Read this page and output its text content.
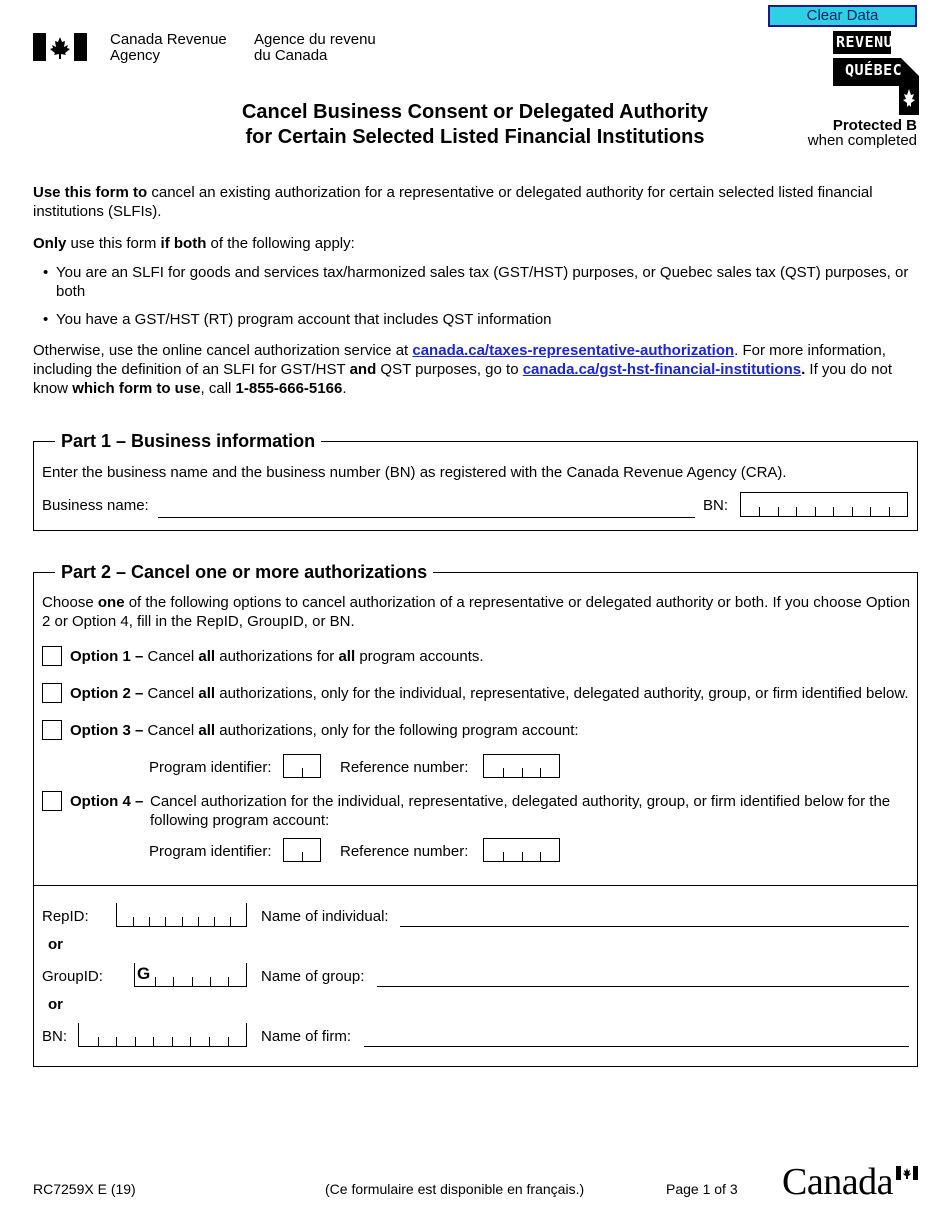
Canada Revenue
Agency
Agence du revenu
du Canada
Clear Data
REVENU
QUÉBEC
Cancel Business Consent or Delegated Authority
for Certain Selected Listed Financial Institutions
Protected B
when completed
Use this form to cancel an existing authorization for a representative or delegated authority for certain selected listed financial institutions (SLFIs).
Only use this form if both of the following apply:
• You are an SLFI for goods and services tax/harmonized sales tax (GST/HST) purposes, or Quebec sales tax (QST) purposes, or both
• You have a GST/HST (RT) program account that includes QST information
Otherwise, use the online cancel authorization service at canada.ca/taxes-representative-authorization. For more information, including the definition of an SLFI for GST/HST and QST purposes, go to canada.ca/gst-hst-financial-institutions. If you do not know which form to use, call 1-855-666-5166.
Part 1 – Business information
Enter the business name and the business number (BN) as registered with the Canada Revenue Agency (CRA).
Business name:	BN:
Part 2 – Cancel one or more authorizations
Choose one of the following options to cancel authorization of a representative or delegated authority or both. If you choose Option 2 or Option 4, fill in the RepID, GroupID, or BN.
Option 1 – Cancel all authorizations for all program accounts.
Option 2 – Cancel all authorizations, only for the individual, representative, delegated authority, group, or firm identified below.
Option 3 – Cancel all authorizations, only for the following program account:
Program identifier:	Reference number:
Option 4 – Cancel authorization for the individual, representative, delegated authority, group, or firm identified below for the following program account:
Program identifier:	Reference number:
RepID:	Name of individual:
or
GroupID: G	Name of group:
or
BN:	Name of firm:
RC7259X E (19)	(Ce formulaire est disponible en français.)	Page 1 of 3 Canada
